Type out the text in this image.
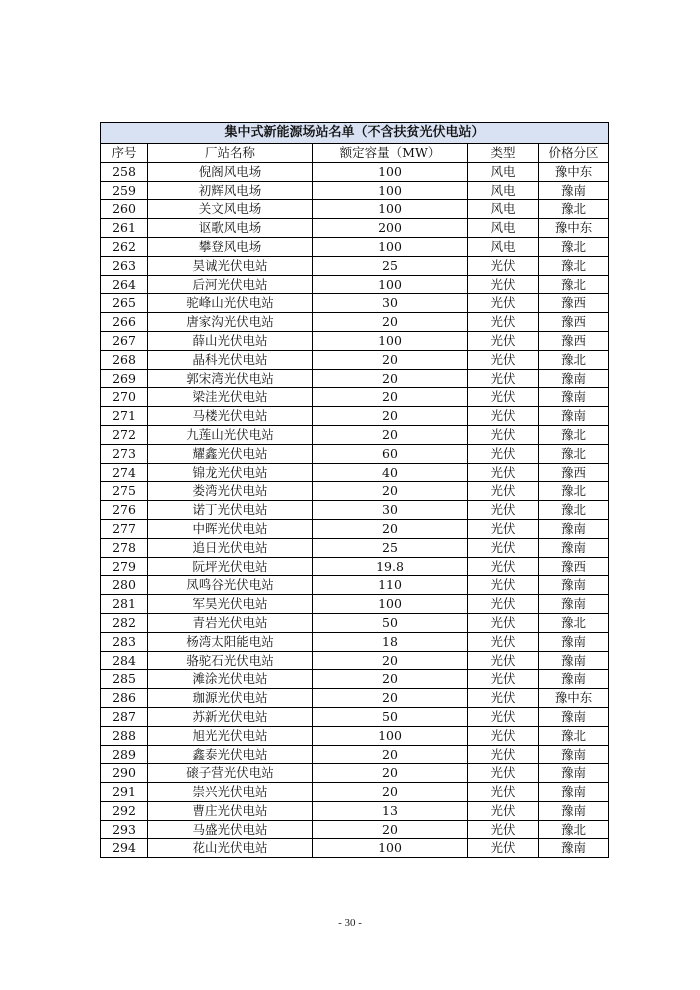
集中式新能源场站名单（不含扶贫光伏电站）				
序号	厂站名称	额定容量（MW）	类型	价格分区
258	倪阁风电场	100	风电	豫中东
259	初辉风电场	100	风电	豫南
260	关文风电场	100	风电	豫北
261	讴歌风电场	200	风电	豫中东
262	攀登风电场	100	风电	豫北
263	昊诚光伏电站	25	光伏	豫北
264	后河光伏电站	100	光伏	豫北
265	驼峰山光伏电站	30	光伏	豫西
266	唐家沟光伏电站	20	光伏	豫西
267	薛山光伏电站	100	光伏	豫西
268	晶科光伏电站	20	光伏	豫北
269	郭宋湾光伏电站	20	光伏	豫南
270	梁洼光伏电站	20	光伏	豫南
271	马楼光伏电站	20	光伏	豫南
272	九莲山光伏电站	20	光伏	豫北
273	耀鑫光伏电站	60	光伏	豫北
274	锦龙光伏电站	40	光伏	豫西
275	娄湾光伏电站	20	光伏	豫北
276	诺丁光伏电站	30	光伏	豫北
277	中晖光伏电站	20	光伏	豫南
278	追日光伏电站	25	光伏	豫南
279	阮坪光伏电站	19.8	光伏	豫西
280	凤鸣谷光伏电站	110	光伏	豫南
281	军昊光伏电站	100	光伏	豫南
282	青岩光伏电站	50	光伏	豫北
283	杨湾太阳能电站	18	光伏	豫南
284	骆驼石光伏电站	20	光伏	豫南
285	滩涂光伏电站	20	光伏	豫南
286	珈源光伏电站	20	光伏	豫中东
287	苏新光伏电站	50	光伏	豫南
288	旭光光伏电站	100	光伏	豫北
289	鑫泰光伏电站	20	光伏	豫南
290	磙子营光伏电站	20	光伏	豫南
291	崇兴光伏电站	20	光伏	豫南
292	曹庄光伏电站	13	光伏	豫南
293	马盛光伏电站	20	光伏	豫北
294	花山光伏电站	100	光伏	豫南
- 30 -
